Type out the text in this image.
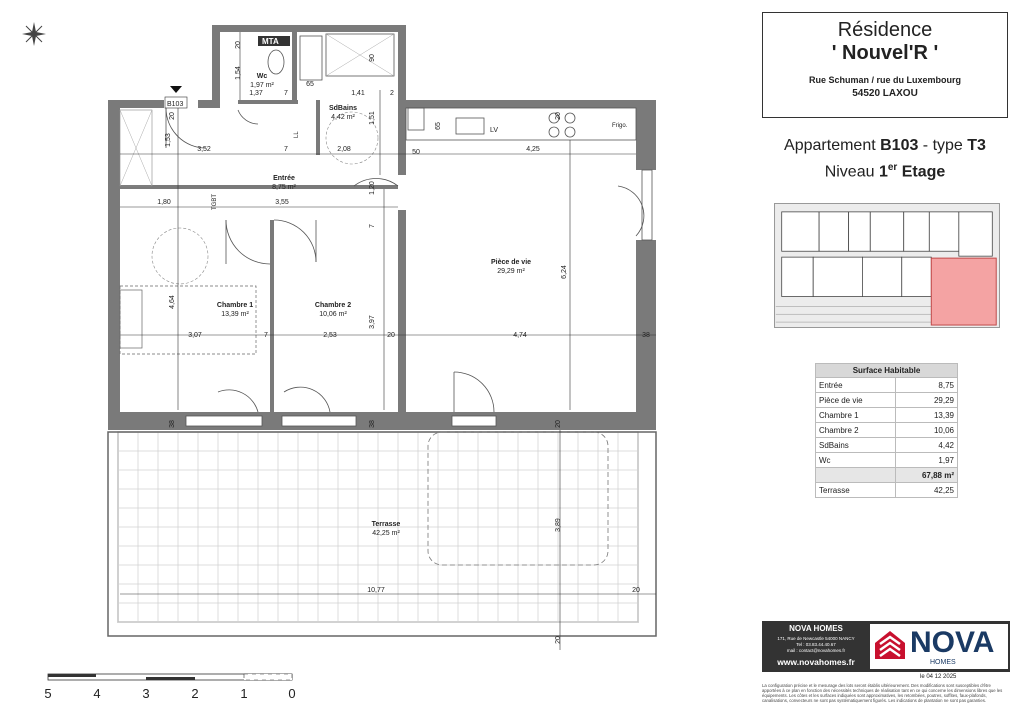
Entrée
8,75 m²
Wc
1,97 m²
SdBains
4,42 m²
Pièce de vie
29,29 m²
Chambre 1
13,39 m²
Chambre 2
10,06 m²
Terrasse
42,25 m²
MTA
B103
LV
Frigo.
TGBT
LL
3,52	4,25
1,80	3,55
2,08
1,41
1,37
50
3,07	2,53	4,74
10,77
38
20
7	20
7
7
65
2
4,64
6,24
3,97
3,89
1,54
1,51
1,53
1,20
90
65
20
20
38	38	20
20
20
7
5	4	3	2	1	0
Résidence
' Nouvel'R '
Rue Schuman / rue du Luxembourg
54520 LAXOU
Appartement B103 - type T3
Niveau 1er Etage
Surface Habitable	
Entrée	8,75
Pièce de vie	29,29
Chambre 1	13,39
Chambre 2	10,06
SdBains	4,42
Wc	1,97
	67,88 m²
Terrasse	42,25
NOVA HOMES
171, Rue de Newcastle 54000 NANCY
Tel : 03.83.44.40.67
mail : contact@novahomes.fr
www.novahomes.fr
NOVA
HOMES
le 04 12 2025
La configuration précise et le mesurage des lots seront établis ultérieurement. Des modifications sont susceptibles d'être apportées à ce plan en fonction des nécessités techniques de réalisation tant en ce qui concerne les dimensions libres que les équipements. Les côtes et les surfaces indiquées sont approximatives, les retombées, poutres, soffites, faux-plafonds, canalisations, convecteurs ne sont pas systématiquement figurés. Les indications de plantation ne sont pas garanties.
